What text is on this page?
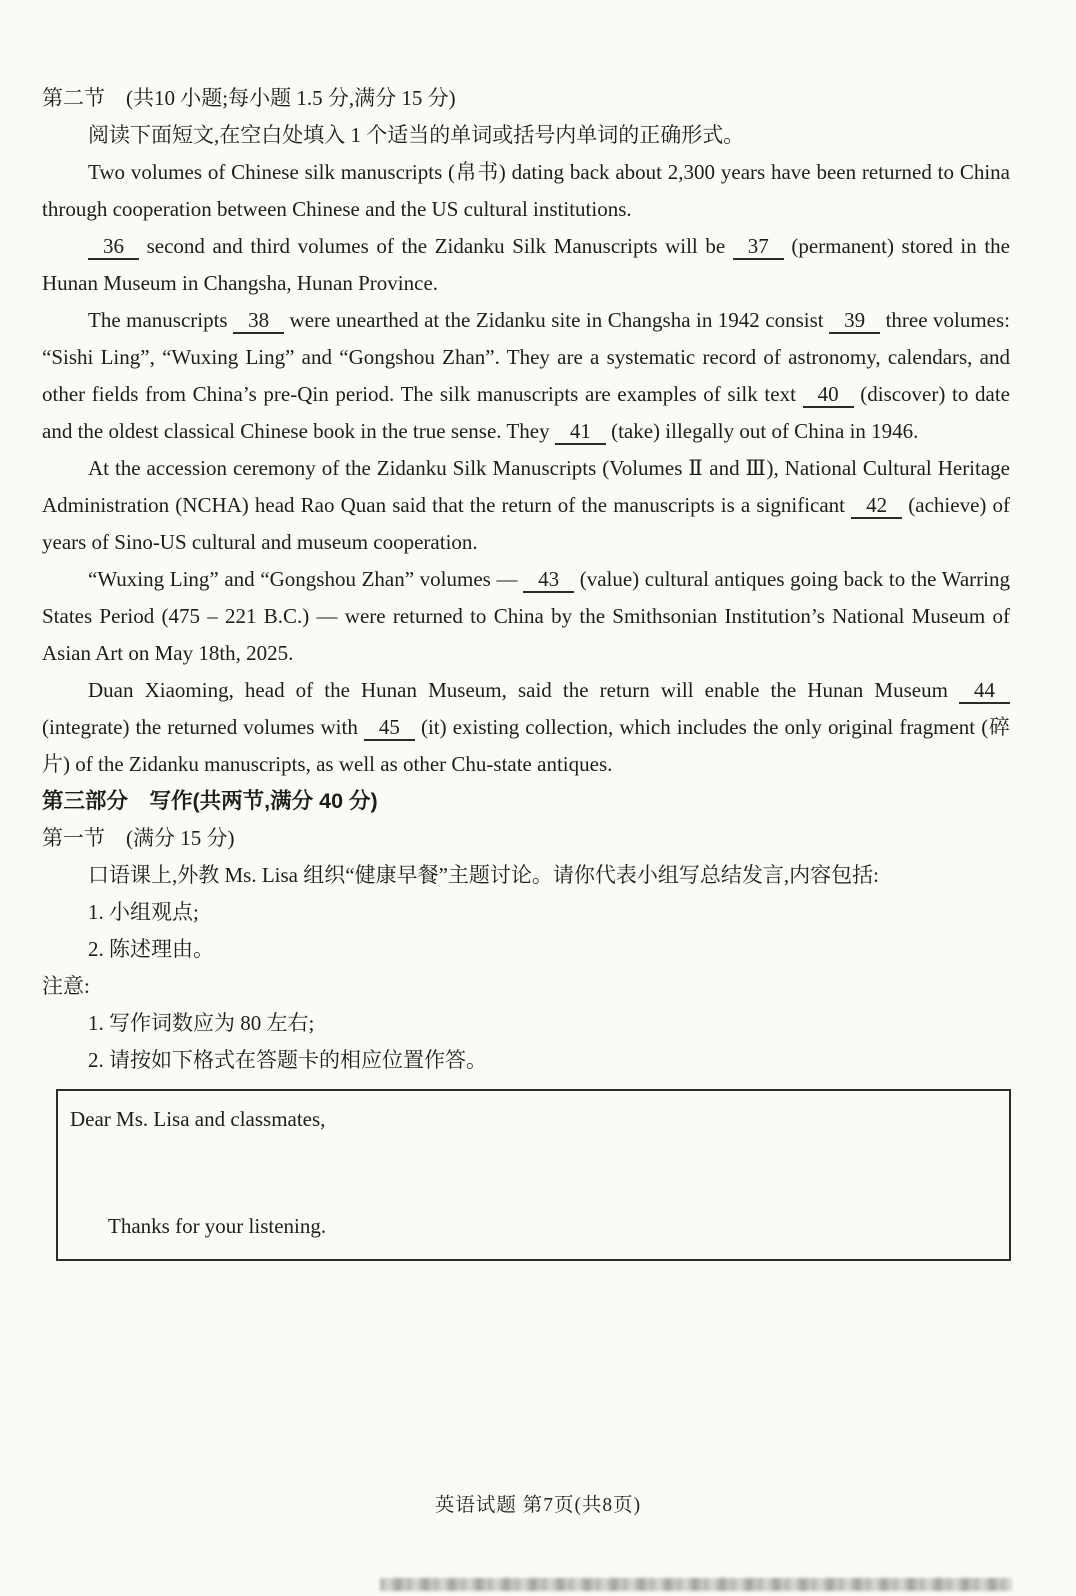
第二节　(共10 小题;每小题 1.5 分,满分 15 分)
阅读下面短文,在空白处填入 1 个适当的单词或括号内单词的正确形式。

Two volumes of Chinese silk manuscripts (帛书) dating back about 2,300 years have been returned to China through cooperation between Chinese and the US cultural institutions.

36 second and third volumes of the Zidanku Silk Manuscripts will be 37 (permanent) stored in the Hunan Museum in Changsha, Hunan Province.

The manuscripts 38 were unearthed at the Zidanku site in Changsha in 1942 consist 39 three volumes: “Sishi Ling”, “Wuxing Ling” and “Gongshou Zhan”. They are a systematic record of astronomy, calendars, and other fields from China’s pre-Qin period. The silk manuscripts are examples of silk text 40 (discover) to date and the oldest classical Chinese book in the true sense. They 41 (take) illegally out of China in 1946.

At the accession ceremony of the Zidanku Silk Manuscripts (Volumes Ⅱ and Ⅲ), National Cultural Heritage Administration (NCHA) head Rao Quan said that the return of the manuscripts is a significant 42 (achieve) of years of Sino-US cultural and museum cooperation.

“Wuxing Ling” and “Gongshou Zhan” volumes — 43 (value) cultural antiques going back to the Warring States Period (475 – 221 B.C.) — were returned to China by the Smithsonian Institution’s National Museum of Asian Art on May 18th, 2025.

Duan Xiaoming, head of the Hunan Museum, said the return will enable the Hunan Museum 44 (integrate) the returned volumes with 45 (it) existing collection, which includes the only original fragment (碎片) of the Zidanku manuscripts, as well as other Chu-state antiques.

第三部分　写作(共两节,满分 40 分)
第一节　(满分 15 分)
口语课上,外教 Ms. Lisa 组织“健康早餐”主题讨论。请你代表小组写总结发言,内容包括:
1. 小组观点;
2. 陈述理由。
注意:
1. 写作词数应为 80 左右;
2. 请按如下格式在答题卡的相应位置作答。
Dear Ms. Lisa and classmates,
Thanks for your listening.
英语试题 第7页(共8页)
